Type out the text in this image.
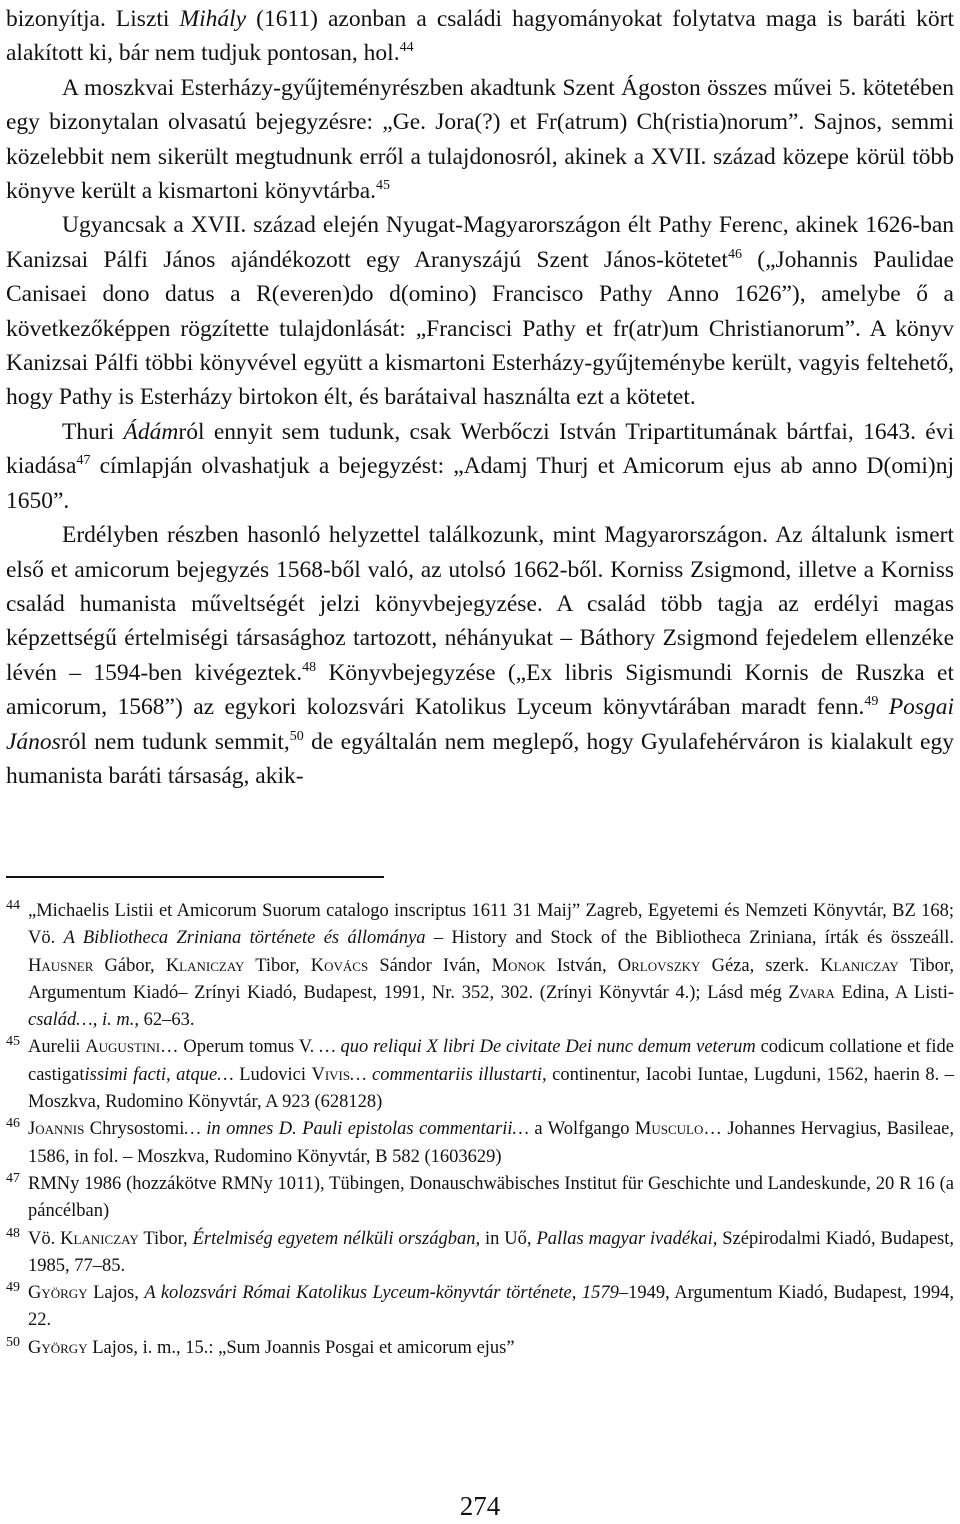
bizonyítja. Liszti Mihály (1611) azonban a családi hagyományokat folytatva maga is baráti kört alakított ki, bár nem tudjuk pontosan, hol.$^{44}$

A moszkvai Esterházy-gyűjteményrészben akadtunk Szent Ágoston összes művei 5. kötetében egy bizonytalan olvasatú bejegyzésre: „Ge. Jora(?) et Fr(atrum) Ch(ristia)norum”. Sajnos, semmi közelebbit nem sikerült megtudnunk erről a tulajdonosról, akinek a XVII. század közepe körül több könyve került a kismartoni könyvtárba.$^{45}$

Ugyancsak a XVII. század elején Nyugat-Magyarországon élt Pathy Ferenc, akinek 1626-ban Kanizsai Pálfi János ajándékozott egy Aranyszájú Szent János-kötetet$^{46}$ („Johannis Paulidae Canisaei dono datus a R(everen)do d(omino) Francisco Pathy Anno 1626”), amelybe ő a következőképpen rögzítette tulajdonlását: „Francisci Pathy et fr(atr)um Christianorum”. A könyv Kanizsai Pálfi többi könyvével együtt a kismartoni Esterházy-gyűjteménybe került, vagyis feltehető, hogy Pathy is Esterházy birtokon élt, és barátaival használta ezt a kötetet.

Thuri Ádámról ennyit sem tudunk, csak Werbőczi István Tripartitumának bártfai, 1643. évi kiadása$^{47}$ címlapján olvashatjuk a bejegyzést: „Adamj Thurj et Amicorum ejus ab anno D(omi)nj 1650”.

Erdélyben részben hasonló helyzettel találkozunk, mint Magyarországon. Az általunk ismert első et amicorum bejegyzés 1568-ből való, az utolsó 1662-ből. Korniss Zsigmond, illetve a Korniss család humanista műveltségét jelzi könyvbejegyzése. A család több tagja az erdélyi magas képzettségű értelmiségi társasághoz tartozott, néhányukat – Báthory Zsigmond fejedelem ellenzéke lévén – 1594-ben kivégeztek.$^{48}$ Könyvbejegyzése („Ex libris Sigismundi Kornis de Ruszka et amicorum, 1568”) az egykori kolozsvári Katolikus Lyceum könyvtárában maradt fenn.$^{49}$ Posgai Jánosról nem tudunk semmit,$^{50}$ de egyáltalán nem meglepő, hogy Gyulafehérváron is kialakult egy humanista baráti társaság, akik-

44 „Michaelis Listii et Amicorum Suorum catalogo inscriptus 1611 31 Maij” Zagreb, Egyetemi és Nemzeti Könyvtár, BZ 168; Vö. A Bibliotheca Zriniana története és állománya – History and Stock of the Bibliotheca Zriniana, írták és összeáll. Hausner Gábor, Klaniczay Tibor, Kovács Sándor Iván, Monok István, Orlovszky Géza, szerk. Klaniczay Tibor, Argumentum Kiadó– Zrínyi Kiadó, Budapest, 1991, Nr. 352, 302. (Zrínyi Könyvtár 4.); Lásd még Zvara Edina, A Listi-család…, i. m., 62–63.
45 Aurelii Augustini… Operum tomus V. … quo reliqui X libri De civitate Dei nunc demum veterum codicum collatione et fide castigatissimi facti, atque… Ludovici Vivis… commentariis illustarti, continentur, Iacobi Iuntae, Lugduni, 1562, haerin 8. – Moszkva, Rudomino Könyvtár, A 923 (628128)
46 Joannis Chrysostomi… in omnes D. Pauli epistolas commentarii… a Wolfgango Musculo… Johannes Hervagius, Basileae, 1586, in fol. – Moszkva, Rudomino Könyvtár, B 582 (1603629)
47 RMNy 1986 (hozzákötve RMNy 1011), Tübingen, Donauschwäbisches Institut für Geschichte und Landeskunde, 20 R 16 (a páncélban)
48 Vö. Klaniczay Tibor, Értelmiség egyetem nélküli országban, in Uő, Pallas magyar ivadékai, Szépirodalmi Kiadó, Budapest, 1985, 77–85.
49 György Lajos, A kolozsvári Római Katolikus Lyceum-könyvtár története, 1579–1949, Argumentum Kiadó, Budapest, 1994, 22.
50 György Lajos, i. m., 15.: „Sum Joannis Posgai et amicorum ejus”
274
